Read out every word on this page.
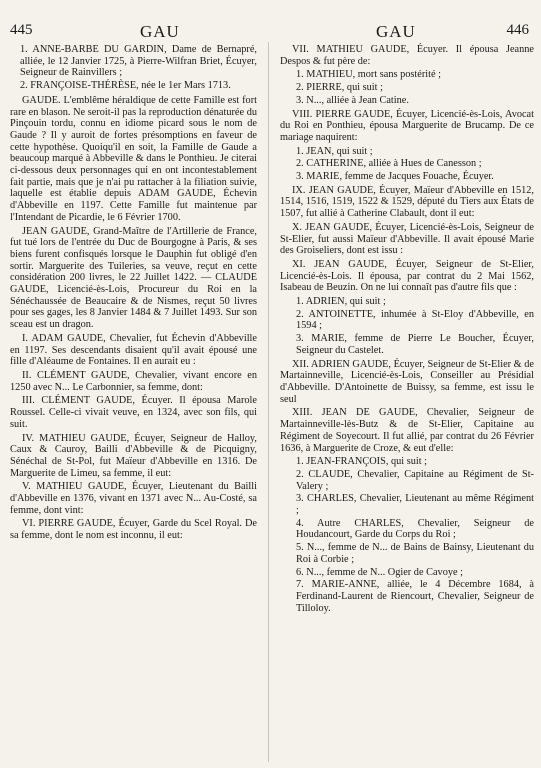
445	GAU	GAU	446
1. ANNE-BARBE DU GARDIN, Dame de Bernapré, alliée, le 12 Janvier 1725, à Pierre-Wilfran Briet, Écuyer, Seigneur de Rainvillers ;
2. FRANÇOISE-THÉRÈSE, née le 1er Mars 1713.

GAUDE. L'emblême héraldique de cette Famille est fort rare en blason. Ne seroit-il pas la reproduction dénaturée du Pinçouin tordu, connu en idiome picard sous le nom de Gaude ? Il y auroit de fortes présomptions en faveur de cette hypothèse. Quoiqu'il en soit, la Famille de Gaude a beaucoup marqué à Abbeville & dans le Ponthieu. Je citerai ci-dessous deux personnages qui en ont incontestablement fait partie, mais que je n'ai pu rattacher à la filiation suivie, laquelle est établie depuis ADAM GAUDE, Échevin d'Abbeville en 1197. Cette Famille fut maintenue par l'Intendant de Picardie, le 6 Février 1700.

JEAN GAUDE, Grand-Maître de l'Artillerie de France, fut tué lors de l'entrée du Duc de Bourgogne à Paris, & ses biens furent confisqués lorsque le Dauphin fut obligé d'en sortir. Marguerite des Tuileries, sa veuve, reçut en cette considération 200 livres, le 22 Juillet 1422. — CLAUDE GAUDE, Licencié-ès-Lois, Procureur du Roi en la Sénéchaussée de Beaucaire & de Nismes, reçut 50 livres pour ses gages, les 8 Janvier 1484 & 7 Juillet 1493. Sur son sceau est un dragon.

I. ADAM GAUDE, Chevalier, fut Échevin d'Abbeville en 1197. Ses descendants disaient qu'il avait épousé une fille d'Aléaume de Fontaines. Il en aurait eu :

II. CLÉMENT GAUDE, Chevalier, vivant encore en 1250 avec N... Le Carbonnier, sa femme, dont:

III. CLÉMENT GAUDE, Écuyer. Il épousa Marole Roussel. Celle-ci vivait veuve, en 1324, avec son fils, qui suit.

IV. MATHIEU GAUDE, Écuyer, Seigneur de Halloy, Caux & Cauroy, Bailli d'Abbeville & de Picquigny, Sénéchal de St-Pol, fut Maïeur d'Abbeville en 1316. De Marguerite de Limeu, sa femme, il eut:

V. MATHIEU GAUDE, Écuyer, Lieutenant du Bailli d'Abbeville en 1376, vivant en 1371 avec N... Au-Costé, sa femme, dont vint:

VI. PIERRE GAUDE, Écuyer, Garde du Scel Royal. De sa femme, dont le nom est inconnu, il eut:

VII. MATHIEU GAUDE, Écuyer. Il épousa Jeanne Despos & fut père de:

1. MATHIEU, mort sans postérité ;
2. PIERRE, qui suit ;
3. N..., alliée à Jean Catine.

VIII. PIERRE GAUDE, Écuyer, Licencié-ès-Lois, Avocat du Roi en Ponthieu, épousa Marguerite de Brucamp. De ce mariage naquirent:

1. JEAN, qui suit ;
2. CATHERINE, alliée à Hues de Canesson ;
3. MARIE, femme de Jacques Fouache, Écuyer.

IX. JEAN GAUDE, Écuyer, Maïeur d'Abbeville en 1512, 1514, 1516, 1519, 1522 & 1529, député du Tiers aux États de 1507, fut allié à Catherine Clabault, dont il eut:

X. JEAN GAUDE, Écuyer, Licencié-ès-Lois, Seigneur de St-Elier, fut aussi Maïeur d'Abbeville. Il avait épousé Marie des Groiseliers, dont est issu :

XI. JEAN GAUDE, Écuyer, Seigneur de St-Elier, Licencié-ès-Lois. Il épousa, par contrat du 2 Mai 1562, Isabeau de Beuzin. On ne lui connaît pas d'autre fils que :

1. ADRIEN, qui suit ;
2. ANTOINETTE, inhumée à St-Eloy d'Abbeville, en 1594 ;
3. MARIE, femme de Pierre Le Boucher, Écuyer, Seigneur du Castelet.

XII. ADRIEN GAUDE, Écuyer, Seigneur de St-Elier & de Martainneville, Licencié-ès-Lois, Conseiller au Présidial d'Abbeville. D'Antoinette de Buissy, sa femme, est issu le seul

XIII. JEAN DE GAUDE, Chevalier, Seigneur de Martainneville-lès-Butz & de St-Elier, Capitaine au Régiment de Soyecourt. Il fut allié, par contrat du 26 Février 1636, à Marguerite de Croze, & eut d'elle:

1. JEAN-FRANÇOIS, qui suit ;
2. CLAUDE, Chevalier, Capitaine au Régiment de St-Valery ;
3. CHARLES, Chevalier, Lieutenant au même Régiment ;
4. Autre CHARLES, Chevalier, Seigneur de Houdancourt, Garde du Corps du Roi ;
5. N..., femme de N... de Bains de Bainsy, Lieutenant du Roi à Corbie ;
6. N..., femme de N... Ogier de Cavoye ;
7. MARIE-ANNE, alliée, le 4 Décembre 1684, à Ferdinand-Laurent de Riencourt, Chevalier, Seigneur de Tilloloy.
